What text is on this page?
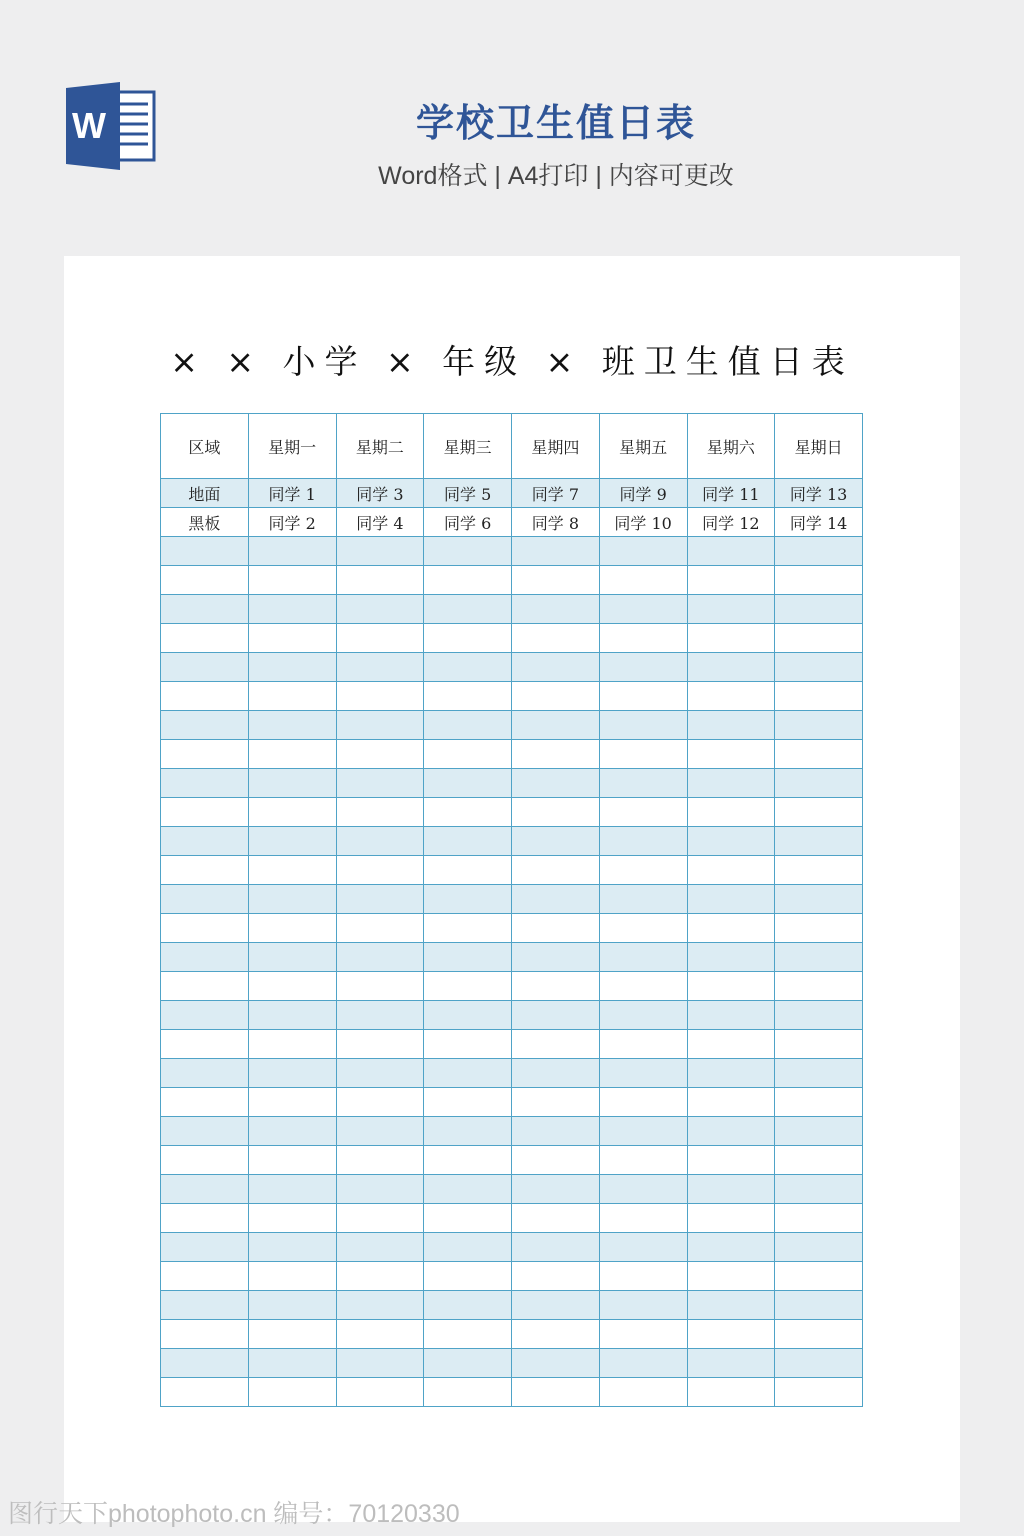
W	学校卫生值日表
Word格式 | A4打印 | 内容可更改
× × 小学 × 年级 × 班卫生值日表
区域	星期一	星期二	星期三	星期四	星期五	星期六	星期日
地面	同学 1	同学 3	同学 5	同学 7	同学 9	同学 11	同学 13
黑板	同学 2	同学 4	同学 6	同学 8	同学 10	同学 12	同学 14

图行天下photophoto.cn 编号：70120330
